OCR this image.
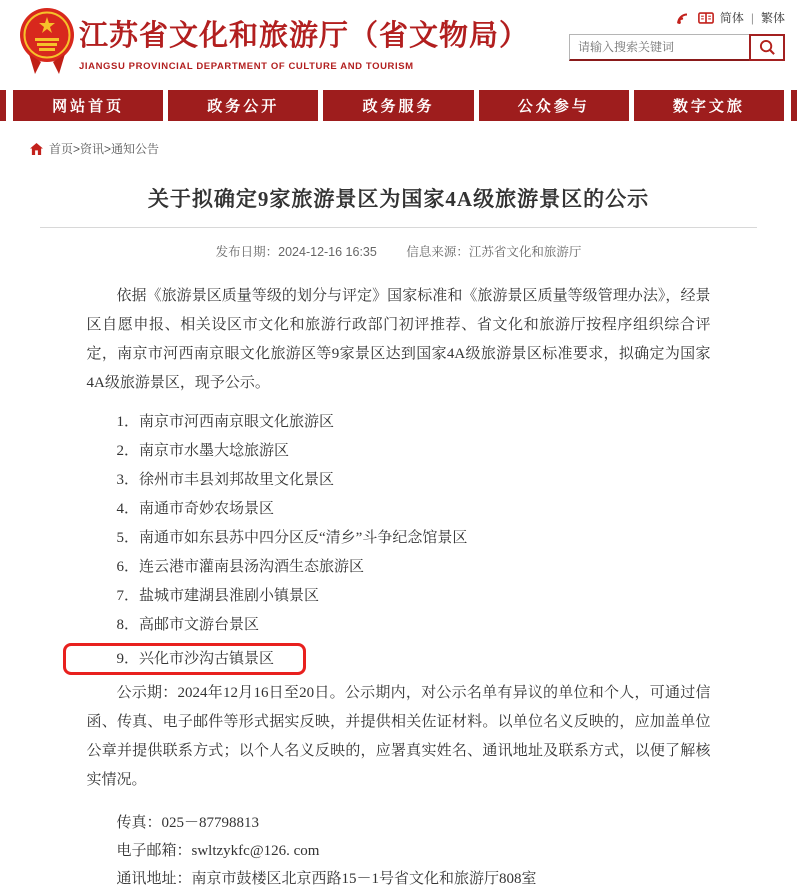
江苏省文化和旅游厅（省文物局）
JIANGSU PROVINCIAL DEPARTMENT OF CULTURE AND TOURISM
简体 | 繁体
请输入搜索关键词
网站首页	政务公开	政务服务	公众参与	数字文旅
首页>资讯>通知公告
关于拟确定9家旅游景区为国家4A级旅游景区的公示
发布日期：2024-12-16 16:35 信息来源：江苏省文化和旅游厅

依据《旅游景区质量等级的划分与评定》国家标准和《旅游景区质量等级管理办法》，经景区自愿申报、相关设区市文化和旅游行政部门初评推荐、省文化和旅游厅按程序组织综合评定，南京市河西南京眼文化旅游区等9家景区达到国家4A级旅游景区标准要求，拟确定为国家4A级旅游景区，现予公示。

1．南京市河西南京眼文化旅游区
2．南京市水墨大埝旅游区
3．徐州市丰县刘邦故里文化景区
4．南通市奇妙农场景区
5．南通市如东县苏中四分区反“清乡”斗争纪念馆景区
6．连云港市灌南县汤沟酒生态旅游区
7．盐城市建湖县淮剧小镇景区
8．高邮市文游台景区
9．兴化市沙沟古镇景区

公示期：2024年12月16日至20日。公示期内，对公示名单有异议的单位和个人，可通过信函、传真、电子邮件等形式据实反映，并提供相关佐证材料。以单位名义反映的，应加盖单位公章并提供联系方式；以个人名义反映的，应署真实姓名、通讯地址及联系方式，以便了解核实情况。

传真：025－87798813

电子邮箱：swltzykfc@126. com

通讯地址：南京市鼓楼区北京西路15－1号省文化和旅游厅808室
